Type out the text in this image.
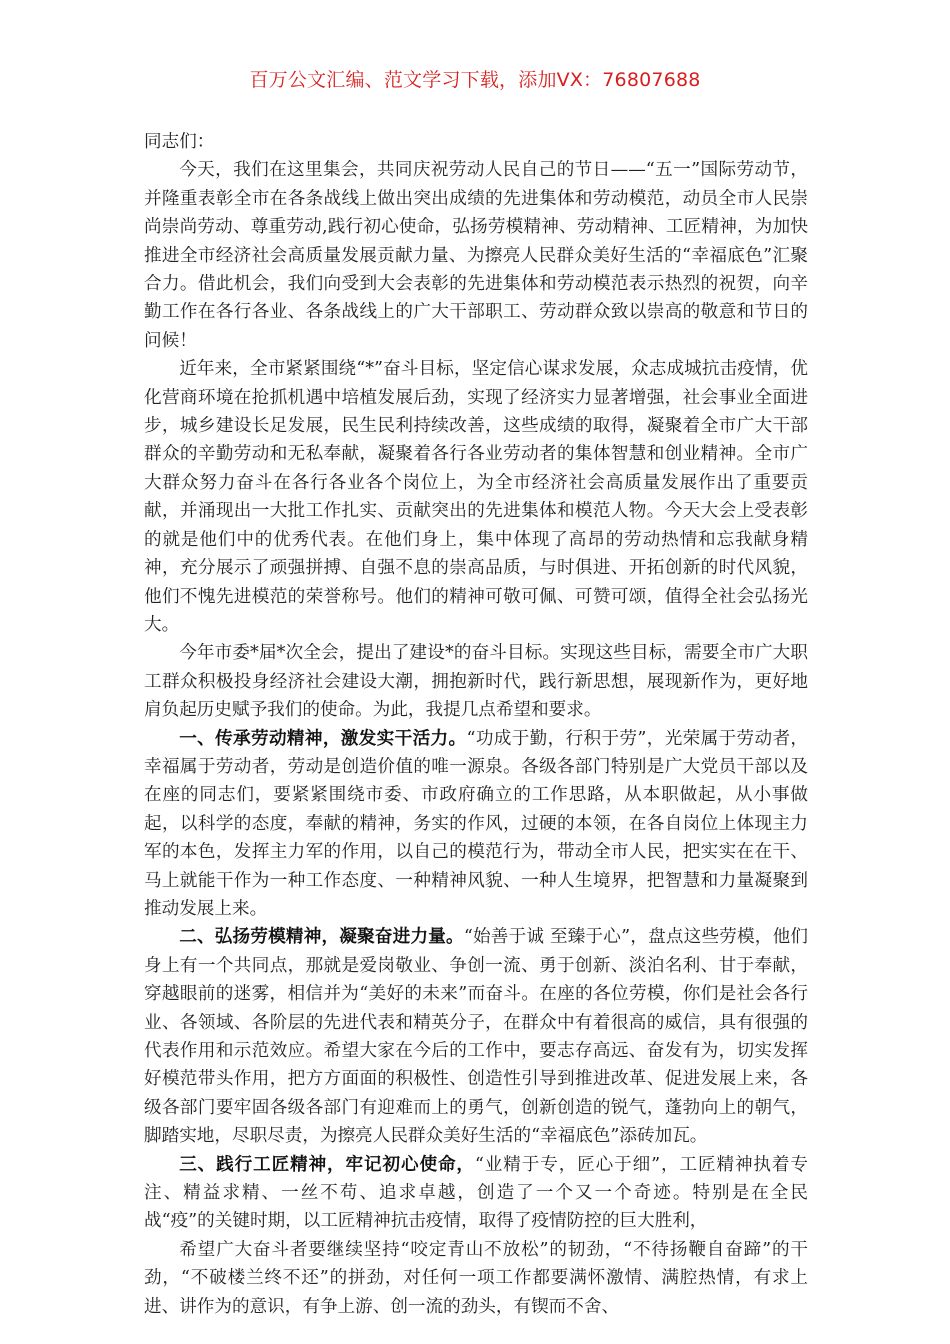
百万公文汇编、范文学习下载，添加VX：76807688

同志们：

今天，我们在这里集会，共同庆祝劳动人民自己的节日——“五一”国际劳动节，并隆重表彰全市在各条战线上做出突出成绩的先进集体和劳动模范，动员全市人民崇尚崇尚劳动、尊重劳动,践行初心使命，弘扬劳模精神、劳动精神、工匠精神，为加快推进全市经济社会高质量发展贡献力量、为擦亮人民群众美好生活的“幸福底色”汇聚合力。借此机会，我们向受到大会表彰的先进集体和劳动模范表示热烈的祝贺，向辛勤工作在各行各业、各条战线上的广大干部职工、劳动群众致以崇高的敬意和节日的问候！

近年来，全市紧紧围绕“*”奋斗目标，坚定信心谋求发展，众志成城抗击疫情，优化营商环境在抢抓机遇中培植发展后劲，实现了经济实力显著增强，社会事业全面进步，城乡建设长足发展，民生民利持续改善，这些成绩的取得，凝聚着全市广大干部群众的辛勤劳动和无私奉献，凝聚着各行各业劳动者的集体智慧和创业精神。全市广大群众努力奋斗在各行各业各个岗位上，为全市经济社会高质量发展作出了重要贡献，并涌现出一大批工作扎实、贡献突出的先进集体和模范人物。今天大会上受表彰的就是他们中的优秀代表。在他们身上，集中体现了高昂的劳动热情和忘我献身精神，充分展示了顽强拼搏、自强不息的崇高品质，与时俱进、开拓创新的时代风貌，他们不愧先进模范的荣誉称号。他们的精神可敬可佩、可赞可颂，值得全社会弘扬光大。

今年市委*届*次全会，提出了建设*的奋斗目标。实现这些目标，需要全市广大职工群众积极投身经济社会建设大潮，拥抱新时代，践行新思想，展现新作为，更好地肩负起历史赋予我们的使命。为此，我提几点希望和要求。

一、传承劳动精神，激发实干活力。“功成于勤，行积于劳”，光荣属于劳动者，幸福属于劳动者，劳动是创造价值的唯一源泉。各级各部门特别是广大党员干部以及在座的同志们，要紧紧围绕市委、市政府确立的工作思路，从本职做起，从小事做起，以科学的态度，奉献的精神，务实的作风，过硬的本领，在各自岗位上体现主力军的本色，发挥主力军的作用，以自己的模范行为，带动全市人民，把实实在在干、马上就能干作为一种工作态度、一种精神风貌、一种人生境界，把智慧和力量凝聚到推动发展上来。

二、弘扬劳模精神，凝聚奋进力量。“始善于诚 至臻于心”，盘点这些劳模，他们身上有一个共同点，那就是爱岗敬业、争创一流、勇于创新、淡泊名利、甘于奉献，穿越眼前的迷雾，相信并为“美好的未来”而奋斗。在座的各位劳模，你们是社会各行业、各领域、各阶层的先进代表和精英分子，在群众中有着很高的威信，具有很强的代表作用和示范效应。希望大家在今后的工作中，要志存高远、奋发有为，切实发挥好模范带头作用，把方方面面的积极性、创造性引导到推进改革、促进发展上来，各级各部门要牢固各级各部门有迎难而上的勇气，创新创造的锐气，蓬勃向上的朝气，脚踏实地，尽职尽责，为擦亮人民群众美好生活的“幸福底色”添砖加瓦。

三、践行工匠精神，牢记初心使命，“业精于专，匠心于细”，工匠精神执着专注、精益求精、一丝不苟、追求卓越，创造了一个又一个奇迹。特别是在全民战“疫”的关键时期，以工匠精神抗击疫情，取得了疫情防控的巨大胜利，

希望广大奋斗者要继续坚持“咬定青山不放松”的韧劲，“不待扬鞭自奋蹄”的干劲，“不破楼兰终不还”的拼劲，对任何一项工作都要满怀激情、满腔热情，有求上进、讲作为的意识，有争上游、创一流的劲头，有锲而不舍、
